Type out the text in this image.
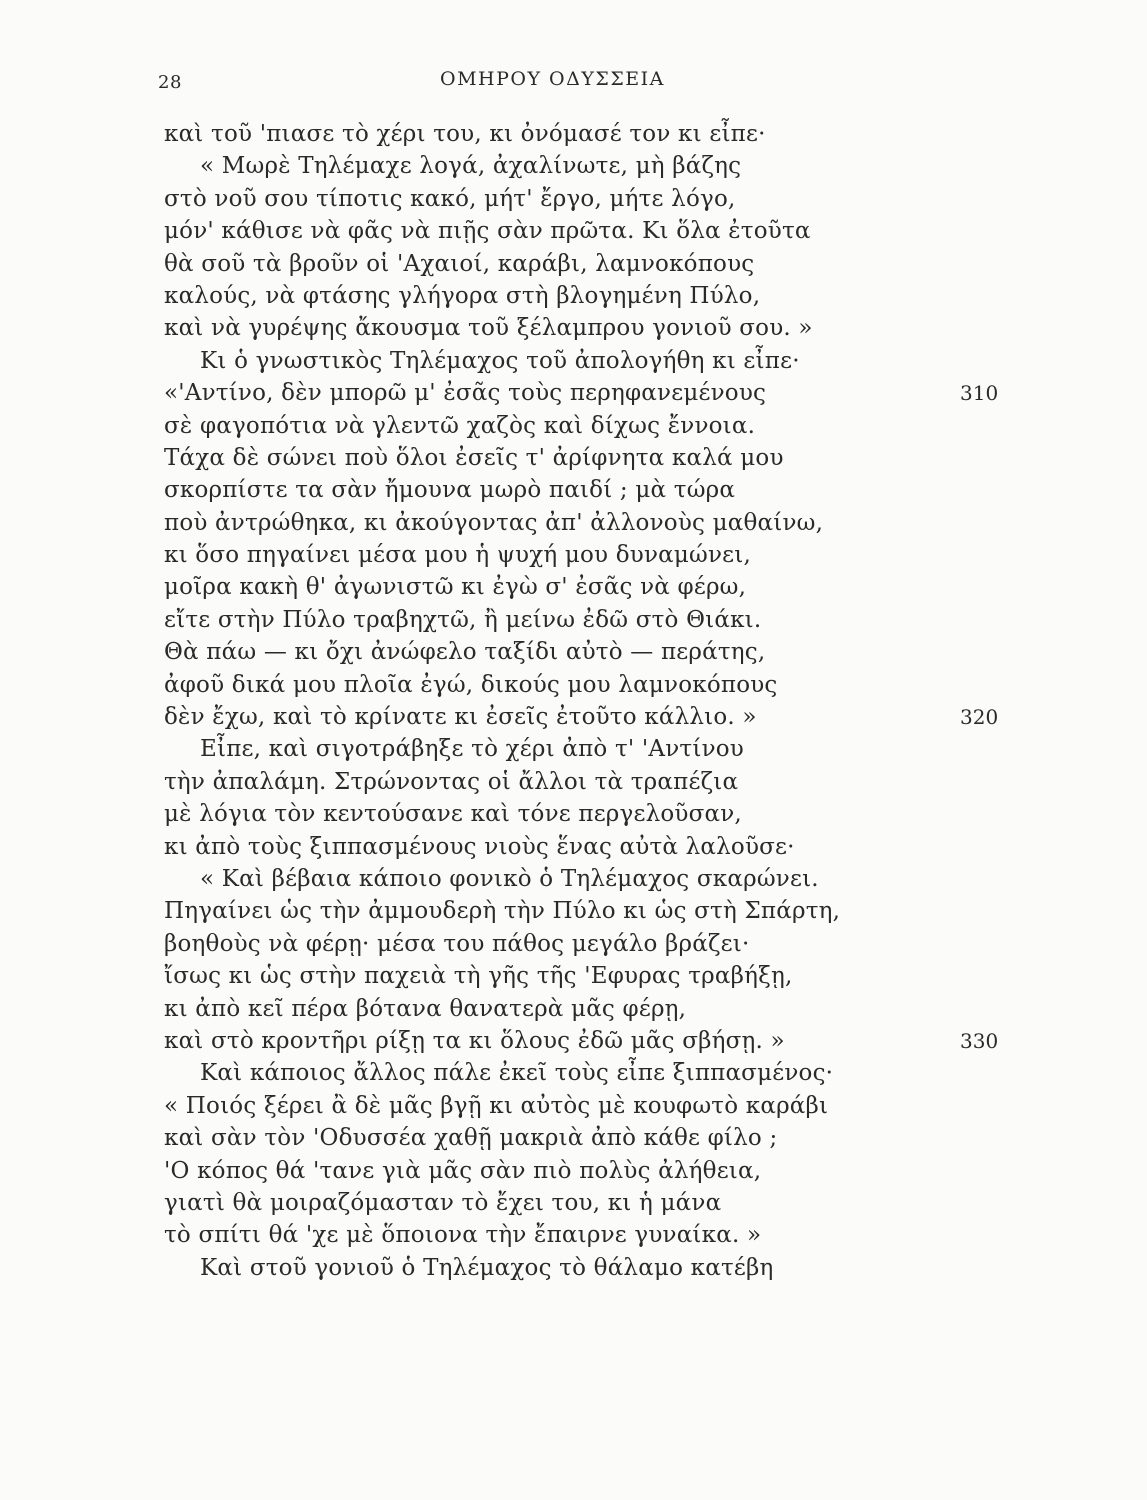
28	ΟΜΗΡΟΥ ΟΔΥΣΣΕΙΑ
καὶ τοῦ 'πιασε τὸ χέρι του, κι ὀνόμασέ τον κι εἶπε·
« Μωρὲ Τηλέμαχε λογά, ἀχαλίνωτε, μὴ βάζης
στὸ νοῦ σου τίποτις κακό, μήτ' ἔργο, μήτε λόγο,
μόν' κάθισε νὰ φᾶς νὰ πιῇς σὰν πρῶτα. Κι ὅλα ἐτοῦτα
θὰ σοῦ τὰ βροῦν οἱ 'Αχαιοί, καράβι, λαμνοκόπους
καλούς, νὰ φτάσης γλήγορα στὴ βλογημένη Πύλο,
καὶ νὰ γυρέψης ἄκουσμα τοῦ ξέλαμπρου γονιοῦ σου. »
Κι ὁ γνωστικὸς Τηλέμαχος τοῦ ἀπολογήθη κι εἶπε·
«'Αντίνο, δὲν μπορῶ μ' ἐσᾶς τοὺς περηφανεμένους	310
σὲ φαγοπότια νὰ γλεντῶ χαζὸς καὶ δίχως ἔννοια.
Τάχα δὲ σώνει ποὺ ὅλοι ἐσεῖς τ' ἀρίφνητα καλά μου
σκορπίστε τα σὰν ἤμουνα μωρὸ παιδί ; μὰ τώρα
ποὺ ἀντρώθηκα, κι ἀκούγοντας ἀπ' ἀλλονοὺς μαθαίνω,
κι ὅσο πηγαίνει μέσα μου ἡ ψυχή μου δυναμώνει,
μοῖρα κακὴ θ' ἀγωνιστῶ κι ἐγὼ σ' ἐσᾶς νὰ φέρω,
εἴτε στὴν Πύλο τραβηχτῶ, ἢ μείνω ἐδῶ στὸ Θιάκι.
Θὰ πάω — κι ὄχι ἀνώφελο ταξίδι αὐτὸ — περάτης,
ἀφοῦ δικά μου πλοῖα ἐγώ, δικούς μου λαμνοκόπους
δὲν ἔχω, καὶ τὸ κρίνατε κι ἐσεῖς ἐτοῦτο κάλλιο. »	320
Εἶπε, καὶ σιγοτράβηξε τὸ χέρι ἀπὸ τ' 'Αντίνου
τὴν ἀπαλάμη. Στρώνοντας οἱ ἄλλοι τὰ τραπέζια
μὲ λόγια τὸν κεντούσανε καὶ τόνε περγελοῦσαν,
κι ἀπὸ τοὺς ξιππασμένους νιοὺς ἕνας αὐτὰ λαλοῦσε·
« Καὶ βέβαια κάποιο φονικὸ ὁ Τηλέμαχος σκαρώνει.
Πηγαίνει ὡς τὴν ἀμμουδερὴ τὴν Πύλο κι ὡς στὴ Σπάρτη,
βοηθοὺς νὰ φέρῃ· μέσα του πάθος μεγάλο βράζει·
ἴσως κι ὡς στὴν παχειὰ τὴ γῆς τῆς 'Εφυρας τραβήξῃ,
κι ἀπὸ κεῖ πέρα βότανα θανατερὰ μᾶς φέρῃ,
καὶ στὸ κροντῆρι ρίξῃ τα κι ὅλους ἐδῶ μᾶς σβήσῃ. »	330
Καὶ κάποιος ἄλλος πάλε ἐκεῖ τοὺς εἶπε ξιππασμένος·
« Ποιός ξέρει ἂ δὲ μᾶς βγῇ κι αὐτὸς μὲ κουφωτὸ καράβι
καὶ σὰν τὸν 'Οδυσσέα χαθῇ μακριὰ ἀπὸ κάθε φίλο ;
'Ο κόπος θά 'τανε γιὰ μᾶς σὰν πιὸ πολὺς ἀλήθεια,
γιατὶ θὰ μοιραζόμασταν τὸ ἔχει του, κι ἡ μάνα
τὸ σπίτι θά 'χε μὲ ὅποιονα τὴν ἔπαιρνε γυναίκα. »
Καὶ στοῦ γονιοῦ ὁ Τηλέμαχος τὸ θάλαμο κατέβη
